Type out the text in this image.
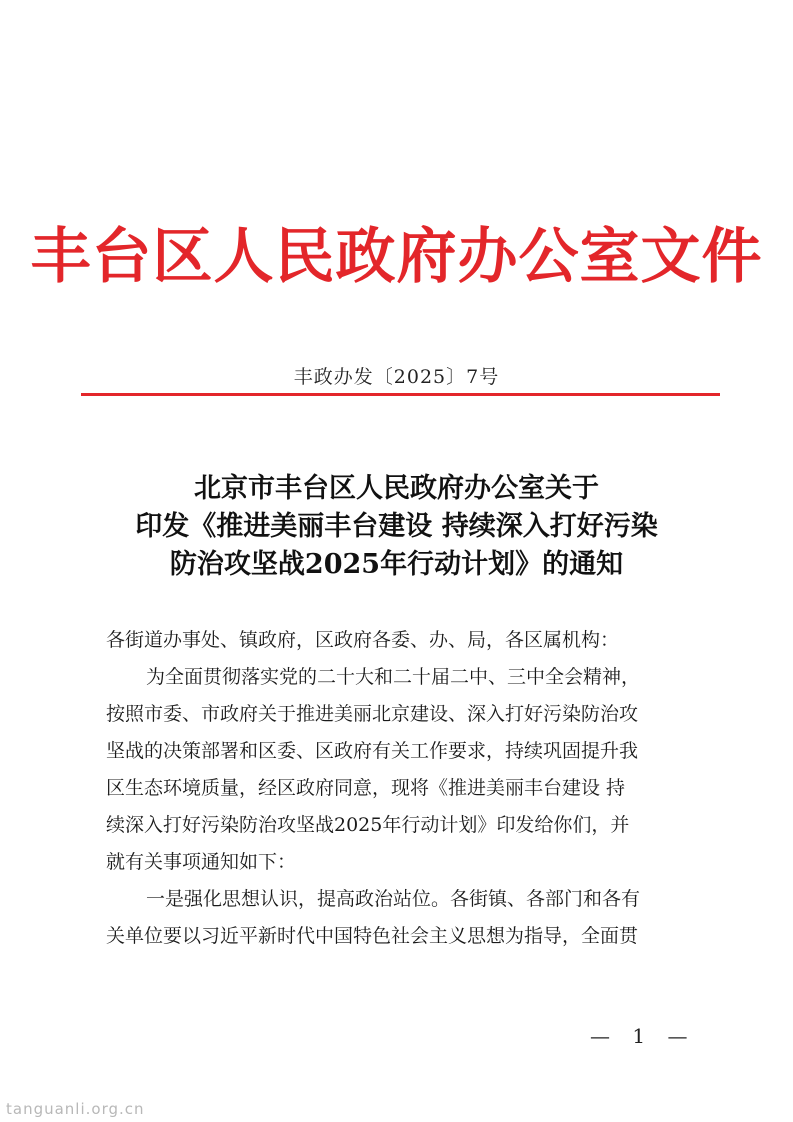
丰台区人民政府办公室文件
丰政办发〔2025〕7号
北京市丰台区人民政府办公室关于
印发《推进美丽丰台建设 持续深入打好污染
防治攻坚战2025年行动计划》的通知
各街道办事处、镇政府，区政府各委、办、局，各区属机构：
为全面贯彻落实党的二十大和二十届二中、三中全会精神，
按照市委、市政府关于推进美丽北京建设、深入打好污染防治攻
坚战的决策部署和区委、区政府有关工作要求，持续巩固提升我
区生态环境质量，经区政府同意，现将《推进美丽丰台建设 持
续深入打好污染防治攻坚战2025年行动计划》印发给你们，并
就有关事项通知如下：
一是强化思想认识，提高政治站位。各街镇、各部门和各有
关单位要以习近平新时代中国特色社会主义思想为指导，全面贯
— 1 —
tanguanli.org.cn
